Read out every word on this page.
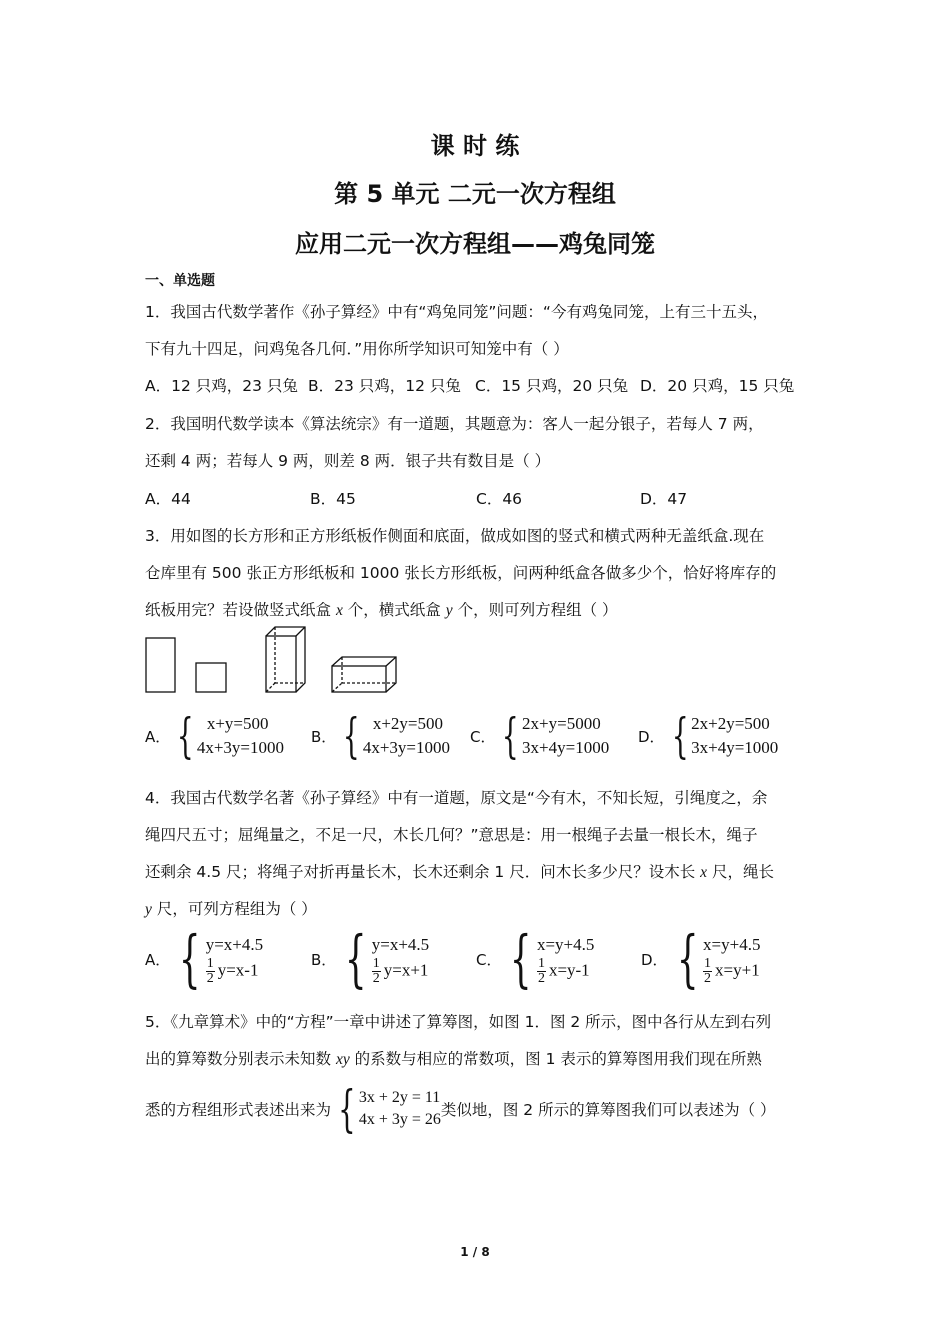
课 时 练
第 5 单元 二元一次方程组
应用二元一次方程组——鸡兔同笼
一、单选题
1．我国古代数学著作《孙子算经》中有“鸡兔同笼”问题：“今有鸡兔同笼，上有三十五头，
下有九十四足，问鸡兔各几何．”用你所学知识可知笼中有（ ）
A．12 只鸡，23 只兔 B．23 只鸡，12 只兔 C．15 只鸡，20 只兔 D．20 只鸡，15 只兔
2．我国明代数学读本《算法统宗》有一道题，其题意为：客人一起分银子，若每人 7 两，
还剩 4 两；若每人 9 两，则差 8 两．银子共有数目是（ ）
A．44	B．45	C．46	D．47
3．用如图的长方形和正方形纸板作侧面和底面，做成如图的竖式和横式两种无盖纸盒.现在
仓库里有 500 张正方形纸板和 1000 张长方形纸板，问两种纸盒各做多少个，恰好将库存的
纸板用完？若设做竖式纸盒 x 个，横式纸盒 y 个，则可列方程组（ ）
A． { x+y=500
4x+3y=1000
B． { x+2y=500
4x+3y=1000
C． { 2x+y=5000
3x+4y=1000
D． { 2x+2y=500
3x+4y=1000
4．我国古代数学名著《孙子算经》中有一道题，原文是“今有木，不知长短，引绳度之，余
绳四尺五寸；屈绳量之，不足一尺，木长几何？”意思是：用一根绳子去量一根长木，绳子
还剩余 4.5 尺；将绳子对折再量长木，长木还剩余 1 尺．问木长多少尺？设木长 x 尺，绳长
y 尺，可列方程组为（ ）
A． { y=x+4.5
$\frac{1}{2} y=x-1$
B． { y=x+4.5
$\frac{1}{2} y=x+1$
C． { x=y+4.5
$\frac{1}{2} x=y-1$
D． { x=y+4.5
$\frac{1}{2} x=y+1$
5．《九章算术》中的“方程”一章中讲述了算筹图，如图 1．图 2 所示，图中各行从左到右列
出的算筹数分别表示未知数 xy 的系数与相应的常数项，图 1 表示的算筹图用我们现在所熟
悉的方程组形式表述出来为 { 3x + 2y = 11
4x + 3y = 26
类似地，图 2 所示的算筹图我们可以表述为（ ）
1 / 8
